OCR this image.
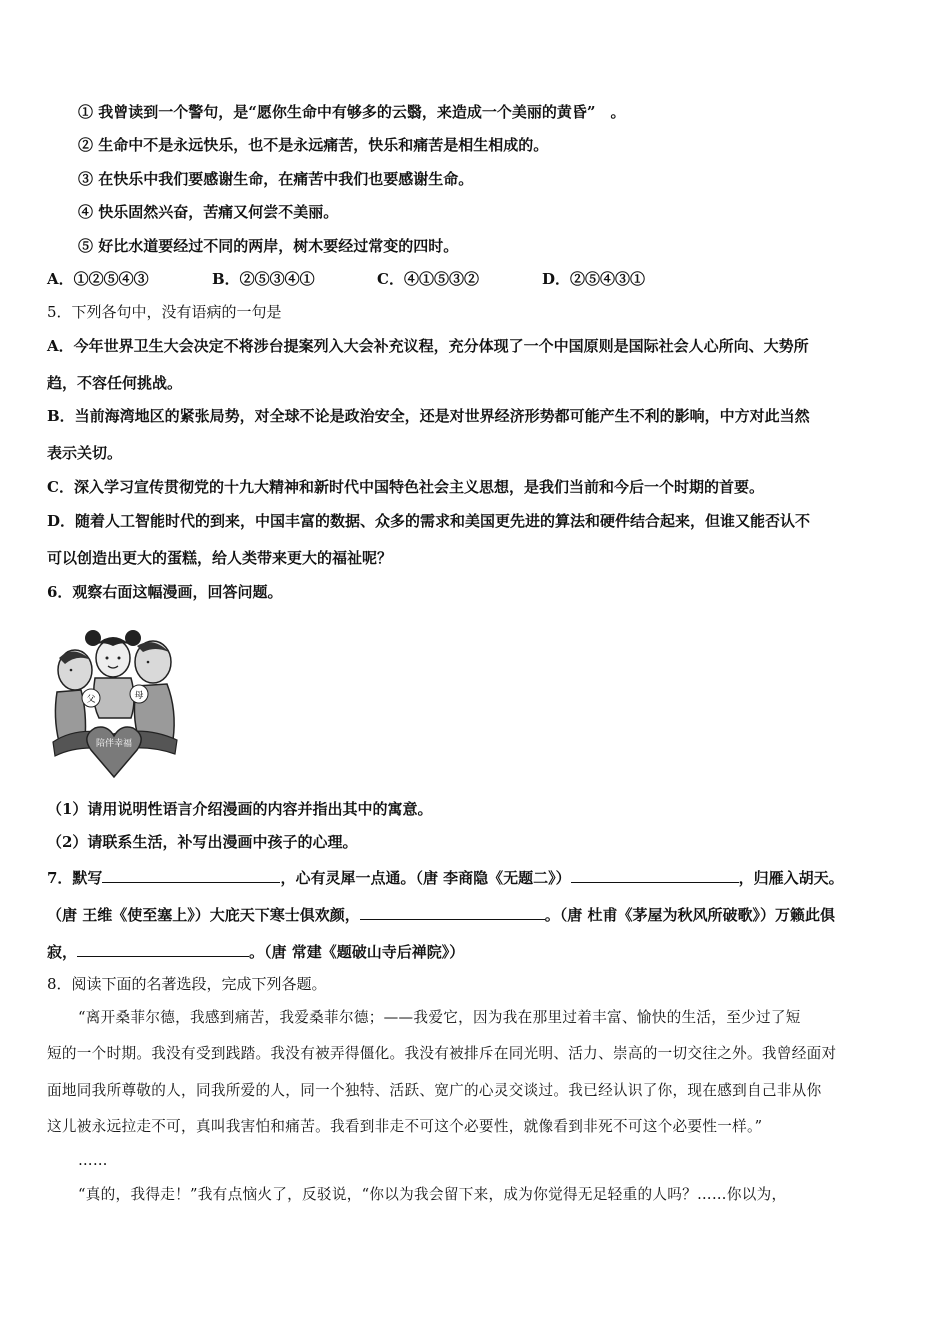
① 我曾读到一个警句，是“愿你生命中有够多的云翳，来造成一个美丽的黄昏”　。
② 生命中不是永远快乐，也不是永远痛苦，快乐和痛苦是相生相成的。
③ 在快乐中我们要感谢生命，在痛苦中我们也要感谢生命。
④ 快乐固然兴奋，苦痛又何尝不美丽。
⑤ 好比水道要经过不同的两岸，树木要经过常变的四时。
A．①②⑤④③	B．②⑤③④①	C．④①⑤③②	D．②⑤④③①
5．下列各句中，没有语病的一句是
A．今年世界卫生大会决定不将涉台提案列入大会补充议程，充分体现了一个中国原则是国际社会人心所向、大势所
趋，不容任何挑战。
B．当前海湾地区的紧张局势，对全球不论是政治安全，还是对世界经济形势都可能产生不利的影响，中方对此当然
表示关切。
C．深入学习宣传贯彻党的十九大精神和新时代中国特色社会主义思想，是我们当前和今后一个时期的首要。
D．随着人工智能时代的到来，中国丰富的数据、众多的需求和美国更先进的算法和硬件结合起来，但谁又能否认不
可以创造出更大的蛋糕，给人类带来更大的福祉呢？
6．观察右面这幅漫画，回答问题。
父	母
陪伴幸福
（1）请用说明性语言介绍漫画的内容并指出其中的寓意。
（2）请联系生活，补写出漫画中孩子的心理。
7．默写	，心有灵犀一点通。（唐 李商隐《无题二》）	，归雁入胡天。
（唐 王维《使至塞上》）大庇天下寒士俱欢颜，	。（唐 杜甫《茅屋为秋风所破歌》）万籁此俱
寂，	。（唐 常建《题破山寺后禅院》）
8．阅读下面的名著选段，完成下列各题。
“离开桑菲尔德，我感到痛苦，我爱桑菲尔德；——我爱它，因为我在那里过着丰富、愉快的生活，至少过了短
短的一个时期。我没有受到践踏。我没有被弄得僵化。我没有被排斥在同光明、活力、崇高的一切交往之外。我曾经面对
面地同我所尊敬的人，同我所爱的人，同一个独特、活跃、宽广的心灵交谈过。我已经认识了你，现在感到自己非从你
这儿被永远拉走不可，真叫我害怕和痛苦。我看到非走不可这个必要性，就像看到非死不可这个必要性一样。”
……
“真的，我得走！”我有点恼火了，反驳说，“你以为我会留下来，成为你觉得无足轻重的人吗？……你以为，
